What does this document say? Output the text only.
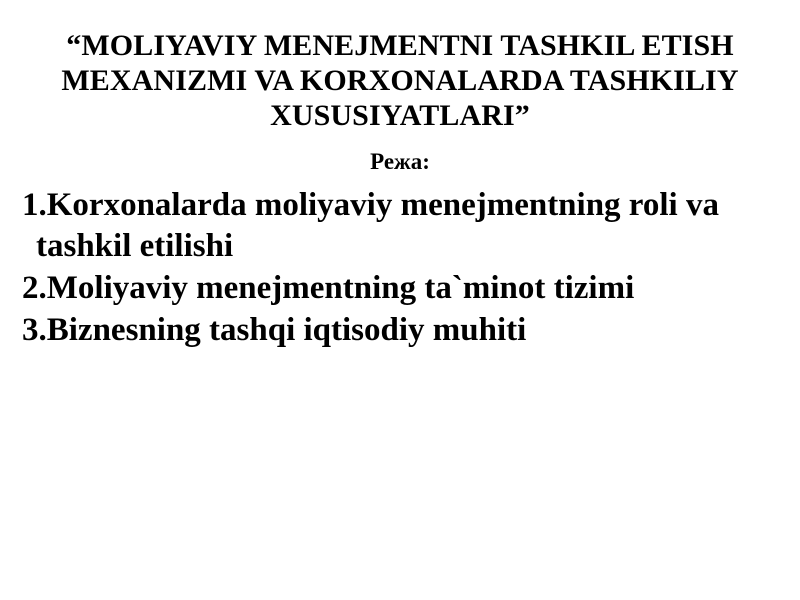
“MOLIYAVIY MENEJMENTNI TASHKIL ETISH MEXANIZMI VA KORXONALARDA TASHKILIY XUSUSIYATLARI”
Режа:
1.Korxonalarda moliyaviy menejmentning roli va tashkil etilishi
2.Moliyaviy menejmentning ta`minot tizimi
3.Biznesning tashqi iqtisodiy muhiti
